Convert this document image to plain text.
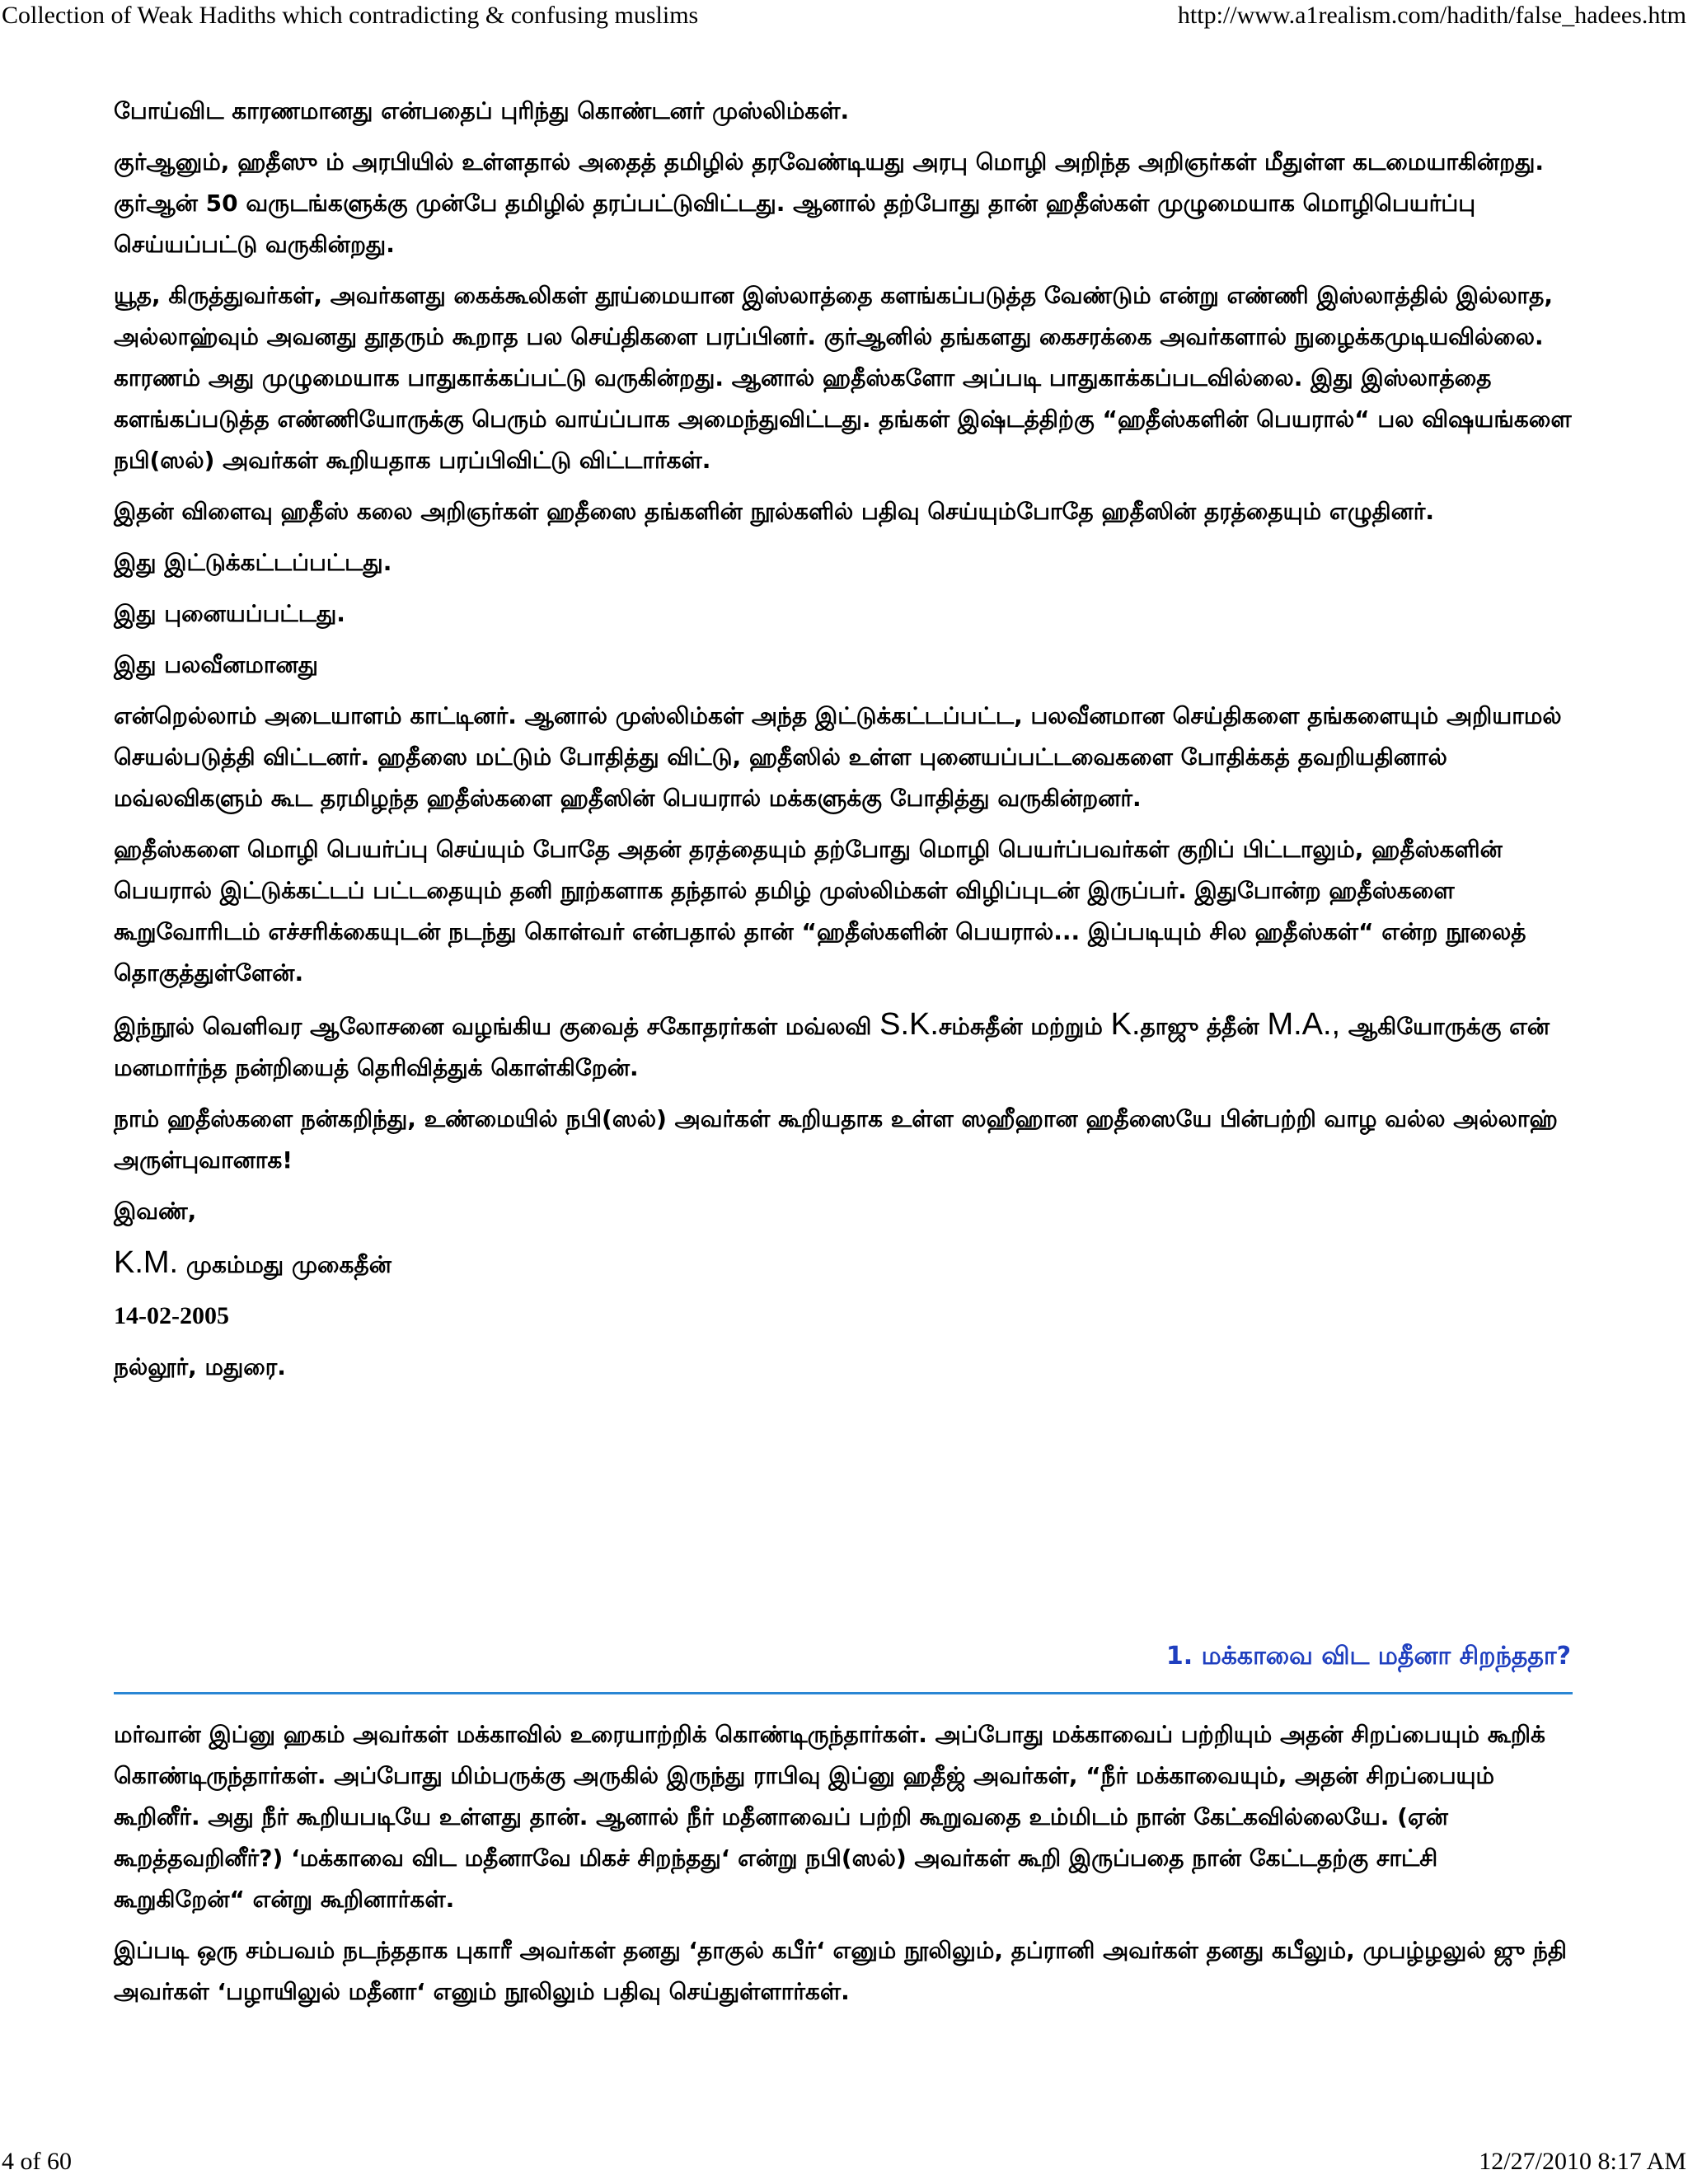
Collection of Weak Hadiths which contradicting & confusing muslims	http://www.a1realism.com/hadith/false_hadees.htm

போய்விட காரணமானது என்பதைப் புரிந்து கொண்டனர் முஸ்லிம்கள்.

குர்ஆனும், ஹதீஸு ம் அரபியில் உள்ளதால் அதைத் தமிழில் தரவேண்டியது அரபு மொழி அறிந்த அறிஞர்கள் மீதுள்ள கடமையாகின்றது. குர்ஆன் 50 வருடங்களுக்கு முன்பே தமிழில் தரப்பட்டுவிட்டது. ஆனால் தற்போது தான் ஹதீஸ்கள் முழுமையாக மொழிபெயர்ப்பு செய்யப்பட்டு வருகின்றது.

யூத, கிருத்துவர்கள், அவர்களது கைக்கூலிகள் தூய்மையான இஸ்லாத்தை களங்கப்படுத்த வேண்டும் என்று எண்ணி இஸ்லாத்தில் இல்லாத, அல்லாஹ்வும் அவனது தூதரும் கூறாத பல செய்திகளை பரப்பினர். குர்ஆனில் தங்களது கைசரக்கை அவர்களால் நுழைக்கமுடியவில்லை. காரணம் அது முழுமையாக பாதுகாக்கப்பட்டு வருகின்றது. ஆனால் ஹதீஸ்களோ அப்படி பாதுகாக்கப்படவில்லை. இது இஸ்லாத்தை களங்கப்படுத்த எண்ணியோருக்கு பெரும் வாய்ப்பாக அமைந்துவிட்டது. தங்கள் இஷ்டத்திற்கு “ஹதீஸ்களின் பெயரால்“ பல விஷயங்களை நபி(ஸல்) அவர்கள் கூறியதாக பரப்பிவிட்டு விட்டார்கள்.

இதன் விளைவு ஹதீஸ் கலை அறிஞர்கள் ஹதீஸை தங்களின் நூல்களில் பதிவு செய்யும்போதே ஹதீஸின் தரத்தையும் எழுதினர்.

இது இட்டுக்கட்டப்பட்டது.

இது புனையப்பட்டது.

இது பலவீனமானது

என்றெல்லாம் அடையாளம் காட்டினர். ஆனால் முஸ்லிம்கள் அந்த இட்டுக்கட்டப்பட்ட, பலவீனமான செய்திகளை தங்களையும் அறியாமல் செயல்படுத்தி விட்டனர். ஹதீஸை மட்டும் போதித்து விட்டு, ஹதீஸில் உள்ள புனையப்பட்டவைகளை போதிக்கத் தவறியதினால் மவ்லவிகளும் கூட தரமிழந்த ஹதீஸ்களை ஹதீஸின் பெயரால் மக்களுக்கு போதித்து வருகின்றனர்.

ஹதீஸ்களை மொழி பெயர்ப்பு செய்யும் போதே அதன் தரத்தையும் தற்போது மொழி பெயர்ப்பவர்கள் குறிப் பிட்டாலும், ஹதீஸ்களின் பெயரால் இட்டுக்கட்டப் பட்டதையும் தனி நூற்களாக தந்தால் தமிழ் முஸ்லிம்கள் விழிப்புடன் இருப்பர். இதுபோன்ற ஹதீஸ்களை கூறுவோரிடம் எச்சரிக்கையுடன் நடந்து கொள்வர் என்பதால் தான் “ஹதீஸ்களின் பெயரால்... இப்படியும் சில ஹதீஸ்கள்“ என்ற நூலைத் தொகுத்துள்ளேன்.

இந்நூல் வெளிவர ஆலோசனை வழங்கிய குவைத் சகோதரர்கள் மவ்லவி S.K.சம்சுதீன் மற்றும் K.தாஜு த்தீன் M.A., ஆகியோருக்கு என் மனமார்ந்த நன்றியைத் தெரிவித்துக் கொள்கிறேன்.

நாம் ஹதீஸ்களை நன்கறிந்து, உண்மையில் நபி(ஸல்) அவர்கள் கூறியதாக உள்ள ஸஹீஹான ஹதீஸையே பின்பற்றி வாழ வல்ல அல்லாஹ் அருள்புவானாக!

இவண்,

K.M. முகம்மது முகைதீன்

14-02-2005

நல்லூர், மதுரை.

1. மக்காவை விட மதீனா சிறந்ததா?

மர்வான் இப்னு ஹகம் அவர்கள் மக்காவில் உரையாற்றிக் கொண்டிருந்தார்கள். அப்போது மக்காவைப் பற்றியும் அதன் சிறப்பையும் கூறிக் கொண்டிருந்தார்கள். அப்போது மிம்பருக்கு அருகில் இருந்து ராபிவு இப்னு ஹதீஜ் அவர்கள், “நீர் மக்காவையும், அதன் சிறப்பையும் கூறினீர். அது நீர் கூறியபடியே உள்ளது தான். ஆனால் நீர் மதீனாவைப் பற்றி கூறுவதை உம்மிடம் நான் கேட்கவில்லையே. (ஏன் கூறத்தவறினீர்?) ‘மக்காவை விட மதீனாவே மிகச் சிறந்தது‘ என்று நபி(ஸல்) அவர்கள் கூறி இருப்பதை நான் கேட்டதற்கு சாட்சி கூறுகிறேன்“ என்று கூறினார்கள்.

இப்படி ஒரு சம்பவம் நடந்ததாக புகாரீ அவர்கள் தனது ‘தாகுல் கபீர்‘ எனும் நூலிலும், தப்ரானி அவர்கள் தனது கபீலும், முபழ்ழலுல் ஜு ந்தி அவர்கள் ‘பழாயிலுல் மதீனா‘ எனும் நூலிலும் பதிவு செய்துள்ளார்கள்.

4 of 60	12/27/2010 8:17 AM
